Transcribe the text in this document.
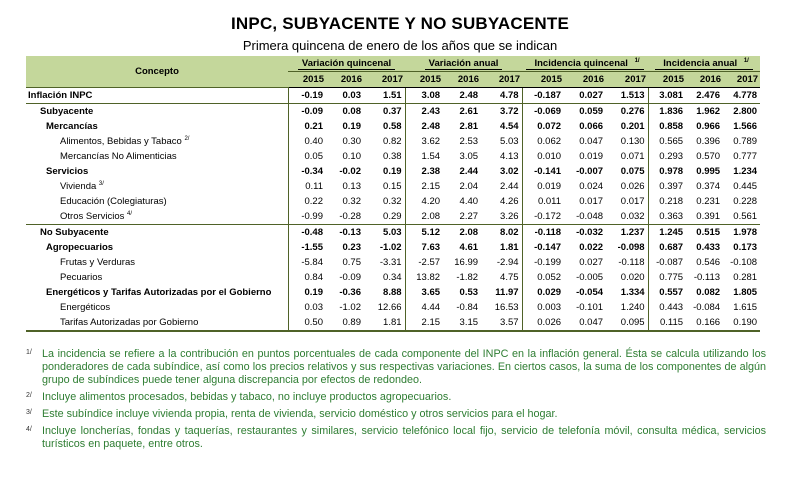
INPC, SUBYACENTE Y NO SUBYACENTE
Primera quincena de enero de los años que se indican
Concepto	Variación quincenal			Variación anual			Incidencia quincenal $^{1/}$			Incidencia anual $^{1/}$
	2015	2016	2017	2015	2016	2017	2015	2016	2017	2015	2016	2017
Inflación INPC	-0.19	0.03	1.51	3.08	2.48	4.78	-0.187	0.027	1.513	3.081	2.476	4.778
Subyacente	-0.09	0.08	0.37	2.43	2.61	3.72	-0.069	0.059	0.276	1.836	1.962	2.800
Mercancías	0.21	0.19	0.58	2.48	2.81	4.54	0.072	0.066	0.201	0.858	0.966	1.566
Alimentos, Bebidas y Tabaco $^{2/}$	0.40	0.30	0.82	3.62	2.53	5.03	0.062	0.047	0.130	0.565	0.396	0.789
Mercancías No Alimenticias	0.05	0.10	0.38	1.54	3.05	4.13	0.010	0.019	0.071	0.293	0.570	0.777
Servicios	-0.34	-0.02	0.19	2.38	2.44	3.02	-0.141	-0.007	0.075	0.978	0.995	1.234
Vivienda $^{3/}$	0.11	0.13	0.15	2.15	2.04	2.44	0.019	0.024	0.026	0.397	0.374	0.445
Educación (Colegiaturas)	0.22	0.32	0.32	4.20	4.40	4.26	0.011	0.017	0.017	0.218	0.231	0.228
Otros Servicios $^{4/}$	-0.99	-0.28	0.29	2.08	2.27	3.26	-0.172	-0.048	0.032	0.363	0.391	0.561
No Subyacente	-0.48	-0.13	5.03	5.12	2.08	8.02	-0.118	-0.032	1.237	1.245	0.515	1.978
Agropecuarios	-1.55	0.23	-1.02	7.63	4.61	1.81	-0.147	0.022	-0.098	0.687	0.433	0.173
Frutas y Verduras	-5.84	0.75	-3.31	-2.57	16.99	-2.94	-0.199	0.027	-0.118	-0.087	0.546	-0.108
Pecuarios	0.84	-0.09	0.34	13.82	-1.82	4.75	0.052	-0.005	0.020	0.775	-0.113	0.281
Energéticos y Tarifas Autorizadas por el Gobierno	0.19	-0.36	8.88	3.65	0.53	11.97	0.029	-0.054	1.334	0.557	0.082	1.805
Energéticos	0.03	-1.02	12.66	4.44	-0.84	16.53	0.003	-0.101	1.240	0.443	-0.084	1.615
Tarifas Autorizadas por Gobierno	0.50	0.89	1.81	2.15	3.15	3.57	0.026	0.047	0.095	0.115	0.166	0.190
1/ La incidencia se refiere a la contribución en puntos porcentuales de cada componente del INPC en la inflación general. Ésta se calcula utilizando los ponderadores de cada subíndice, así como los precios relativos y sus respectivas variaciones. En ciertos casos, la suma de los componentes de algún grupo de subíndices puede tener alguna discrepancia por efectos de redondeo.
2/ Incluye alimentos procesados, bebidas y tabaco, no incluye productos agropecuarios.
3/ Este subíndice incluye vivienda propia, renta de vivienda, servicio doméstico y otros servicios para el hogar.
4/ Incluye loncherías, fondas y taquerías, restaurantes y similares, servicio telefónico local fijo, servicio de telefonía móvil, consulta médica, servicios turísticos en paquete, entre otros.
